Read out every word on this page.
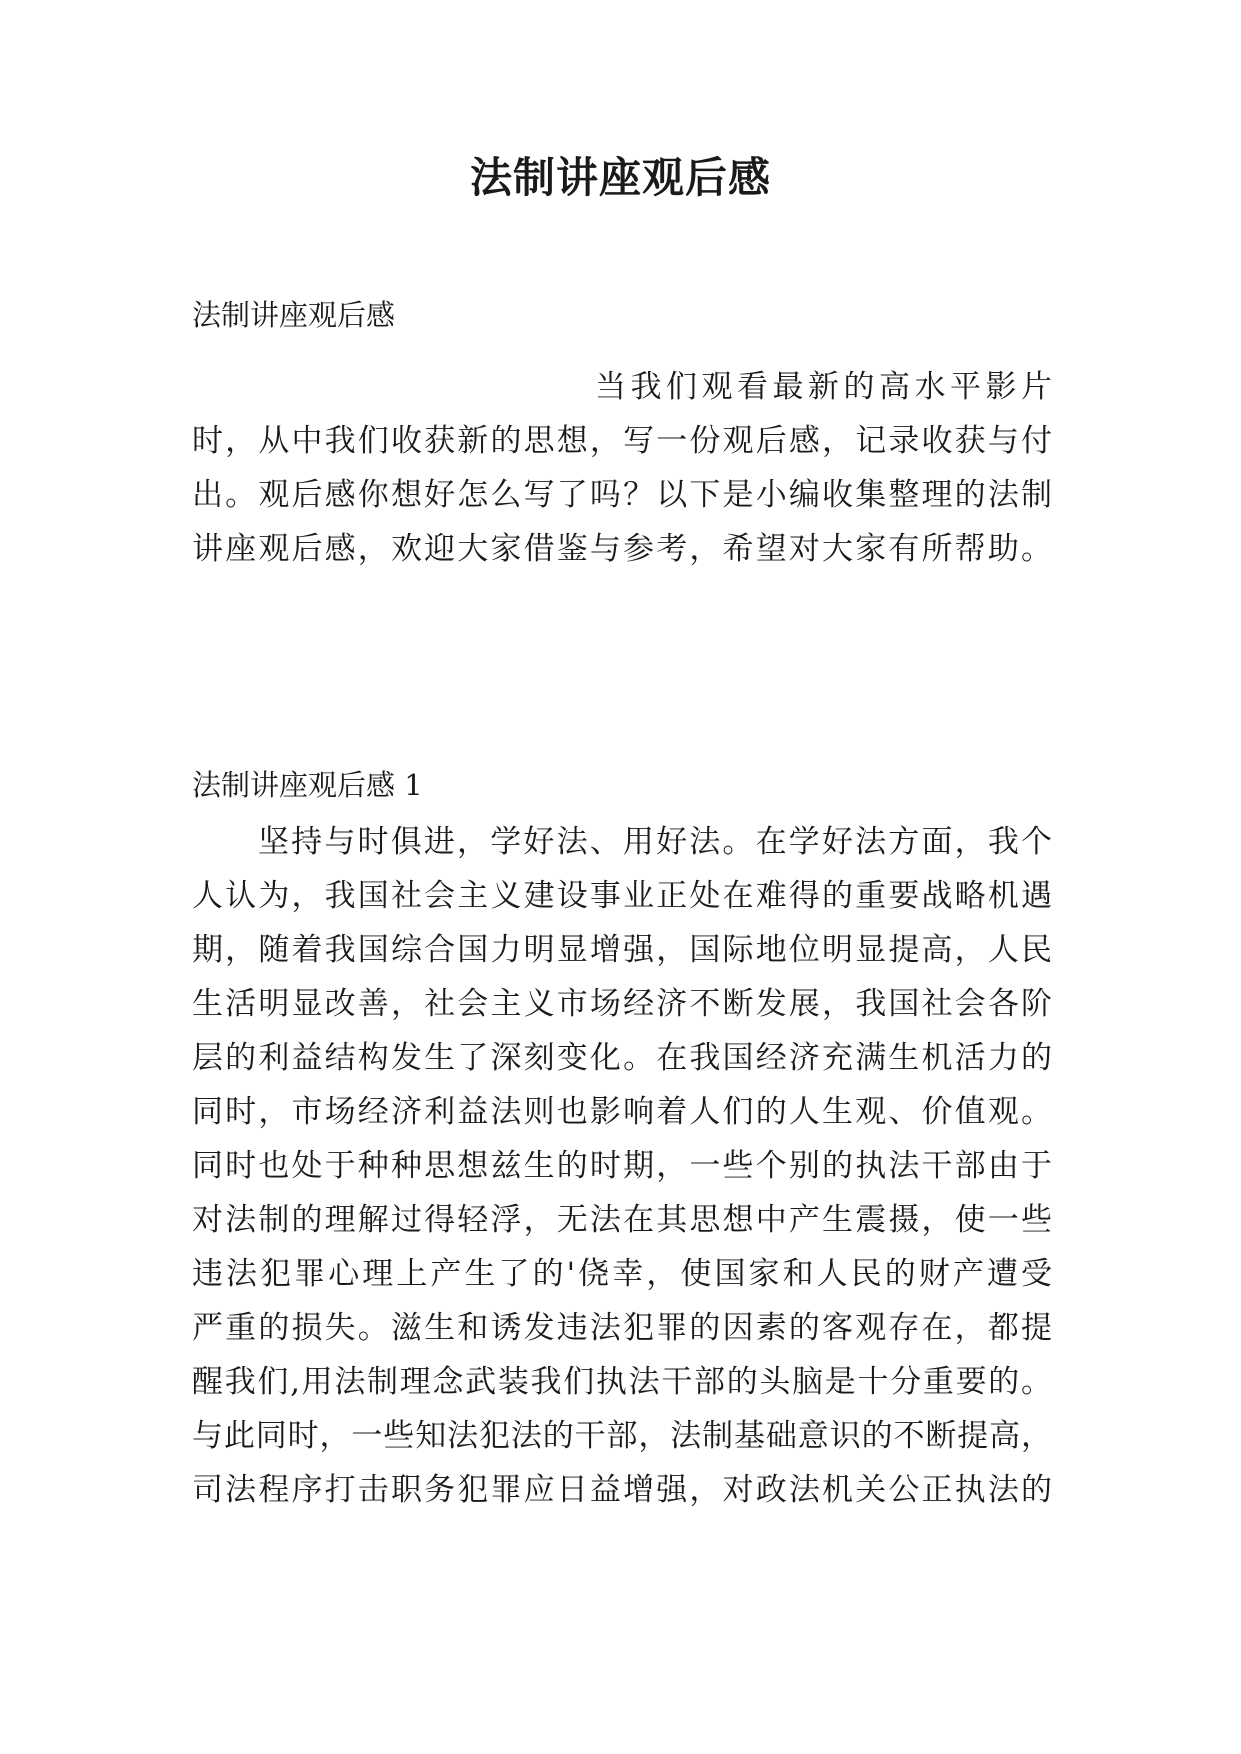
法制讲座观后感

法制讲座观后感

当我们观看最新的高水平影片

时，从中我们收获新的思想，写一份观后感，记录收获与付

出。观后感你想好怎么写了吗？以下是小编收集整理的法制

讲座观后感，欢迎大家借鉴与参考，希望对大家有所帮助。

法制讲座观后感 1

坚持与时俱进，学好法、用好法。在学好法方面，我个

人认为，我国社会主义建设事业正处在难得的重要战略机遇

期，随着我国综合国力明显增强，国际地位明显提高，人民

生活明显改善，社会主义市场经济不断发展，我国社会各阶

层的利益结构发生了深刻变化。在我国经济充满生机活力的

同时，市场经济利益法则也影响着人们的人生观、价值观。

同时也处于种种思想兹生的时期，一些个别的执法干部由于

对法制的理解过得轻浮，无法在其思想中产生震摄，使一些

违法犯罪心理上产生了的'侥幸，使国家和人民的财产遭受

严重的损失。滋生和诱发违法犯罪的因素的客观存在，都提

醒我们,用法制理念武装我们执法干部的头脑是十分重要的。

与此同时，一些知法犯法的干部，法制基础意识的不断提高，

司法程序打击职务犯罪应日益增强，对政法机关公正执法的
